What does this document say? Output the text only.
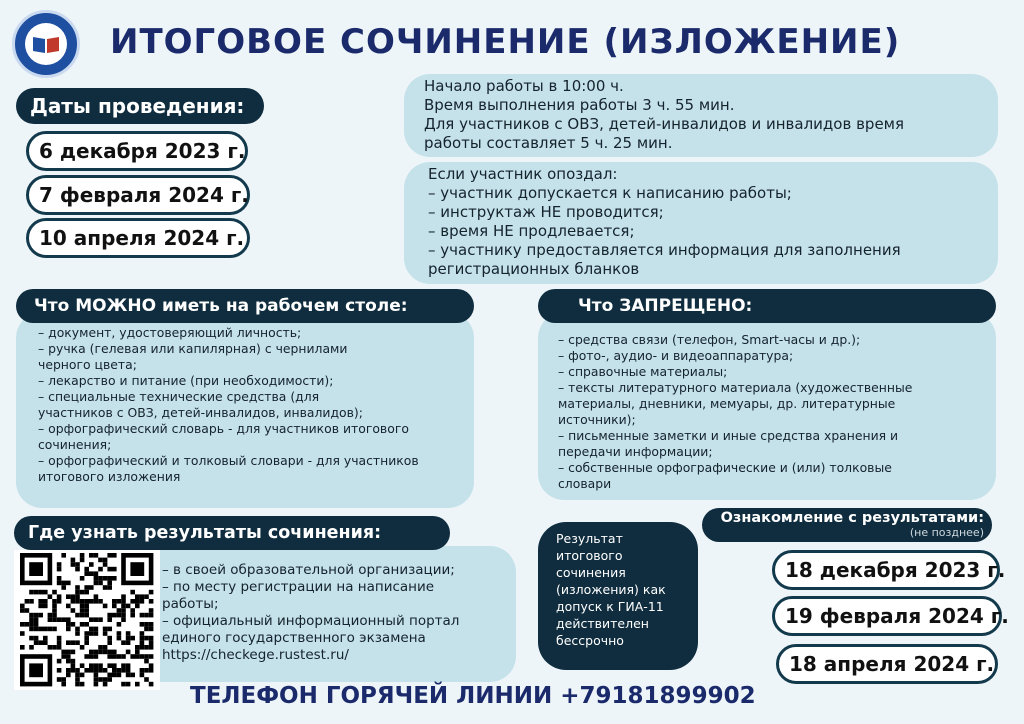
ИТОГОВОЕ СОЧИНЕНИЕ (ИЗЛОЖЕНИЕ)
Даты проведения:
6 декабря 2023 г.
7 февраля 2024 г.
10 апреля 2024 г.
Начало работы в 10:00 ч.
Время выполнения работы 3 ч. 55 мин.
Для участников с ОВЗ, детей-инвалидов и инвалидов время
работы составляет 5 ч. 25 мин.
Если участник опоздал:
– участник допускается к написанию работы;
– инструктаж НЕ проводится;
– время НЕ продлевается;
– участнику предоставляется информация для заполнения
регистрационных бланков
– документ, удостоверяющий личность;
– ручка (гелевая или капилярная) с чернилами
черного цвета;
– лекарство и питание (при необходимости);
– специальные технические средства (для
участников с ОВЗ, детей-инвалидов, инвалидов);
– орфографический словарь - для участников итогового
сочинения;
– орфографический и толковый словари - для участников
итогового изложения
Что МОЖНО иметь на рабочем столе:
– средства связи (телефон, Smart-часы и др.);
– фото-, аудио- и видеоаппаратура;
– справочные материалы;
– тексты литературного материала (художественные
материалы, дневники, мемуары, др. литературные
источники);
– письменные заметки и иные средства хранения и
передачи информации;
– собственные орфографические и (или) толковые
словари
Что ЗАПРЕЩЕНО:
– в своей образовательной организации;
– по месту регистрации на написание
работы;
– официальный информационный портал
единого государственного экзамена
https://checkege.rustest.ru/
Где узнать результаты сочинения:	Результат
итогового
сочинения
(изложения) как
допуск к ГИА-11
действителен
бессрочно
Ознакомление с результатами:
(не позднее)
18 декабря 2023 г.
19 февраля 2024 г.
18 апреля 2024 г.
ТЕЛЕФОН ГОРЯЧЕЙ ЛИНИИ +79181899902
